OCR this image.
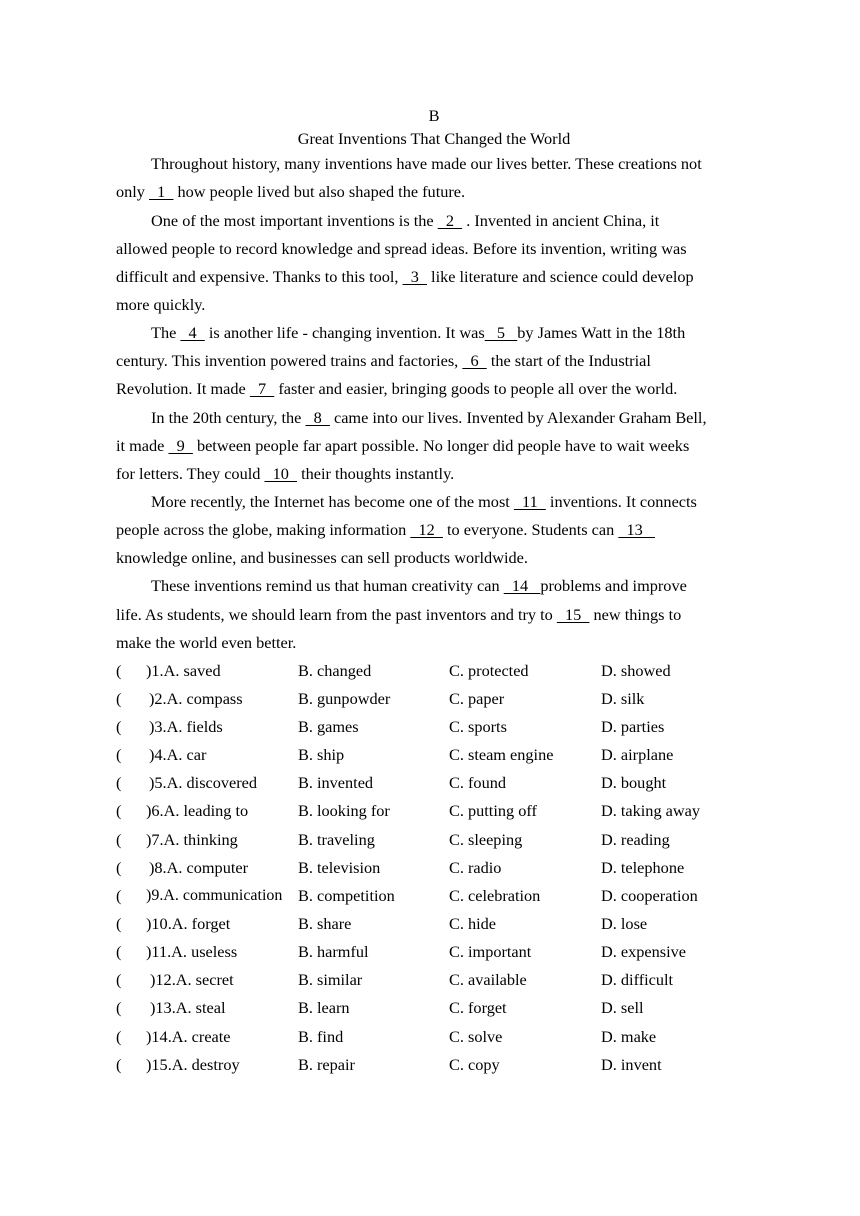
B
Great Inventions That Changed the World
Throughout history, many inventions have made our lives better. These creations not
only   1   how people lived but also shaped the future.
One of the most important inventions is the   2   . Invented in ancient China, it
allowed people to record knowledge and spread ideas. Before its invention, writing was
difficult and expensive. Thanks to this tool,   3   like literature and science could develop
more quickly.
The   4   is another life - changing invention. It was   5   by James Watt in the 18th
century. This invention powered trains and factories,   6   the start of the Industrial
Revolution. It made   7   faster and easier, bringing goods to people all over the world.
In the 20th century, the   8   came into our lives. Invented by Alexander Graham Bell,
it made   9   between people far apart possible. No longer did people have to wait weeks
for letters. They could   10   their thoughts instantly.
More recently, the Internet has become one of the most   11   inventions. It connects
people across the globe, making information   12   to everyone. Students can   13
knowledge online, and businesses can sell products worldwide.
These inventions remind us that human creativity can   14   problems and improve
life. As students, we should learn from the past inventors and try to   15   new things to
make the world even better.
( )1.A. saved	B. changed	C. protected	D. showed
( )2.A. compass	B. gunpowder	C. paper	D. silk
( )3.A. fields	B. games	C. sports	D. parties
( )4.A. car	B. ship	C. steam engine	D. airplane
( )5.A. discovered	B. invented	C. found	D. bought
( )6.A. leading to	B. looking for	C. putting off	D. taking away
( )7.A. thinking	B. traveling	C. sleeping	D. reading
( )8.A. computer	B. television	C. radio	D. telephone
( )9.A. communication B. competition	C. celebration	D. cooperation
( )10.A. forget	B. share	C. hide	D. lose
( )11.A. useless	B. harmful	C. important	D. expensive
( )12.A. secret	B. similar	C. available	D. difficult
( )13.A. steal	B. learn	C. forget	D. sell
( )14.A. create	B. find	C. solve	D. make
( )15.A. destroy	B. repair	C. copy	D. invent
